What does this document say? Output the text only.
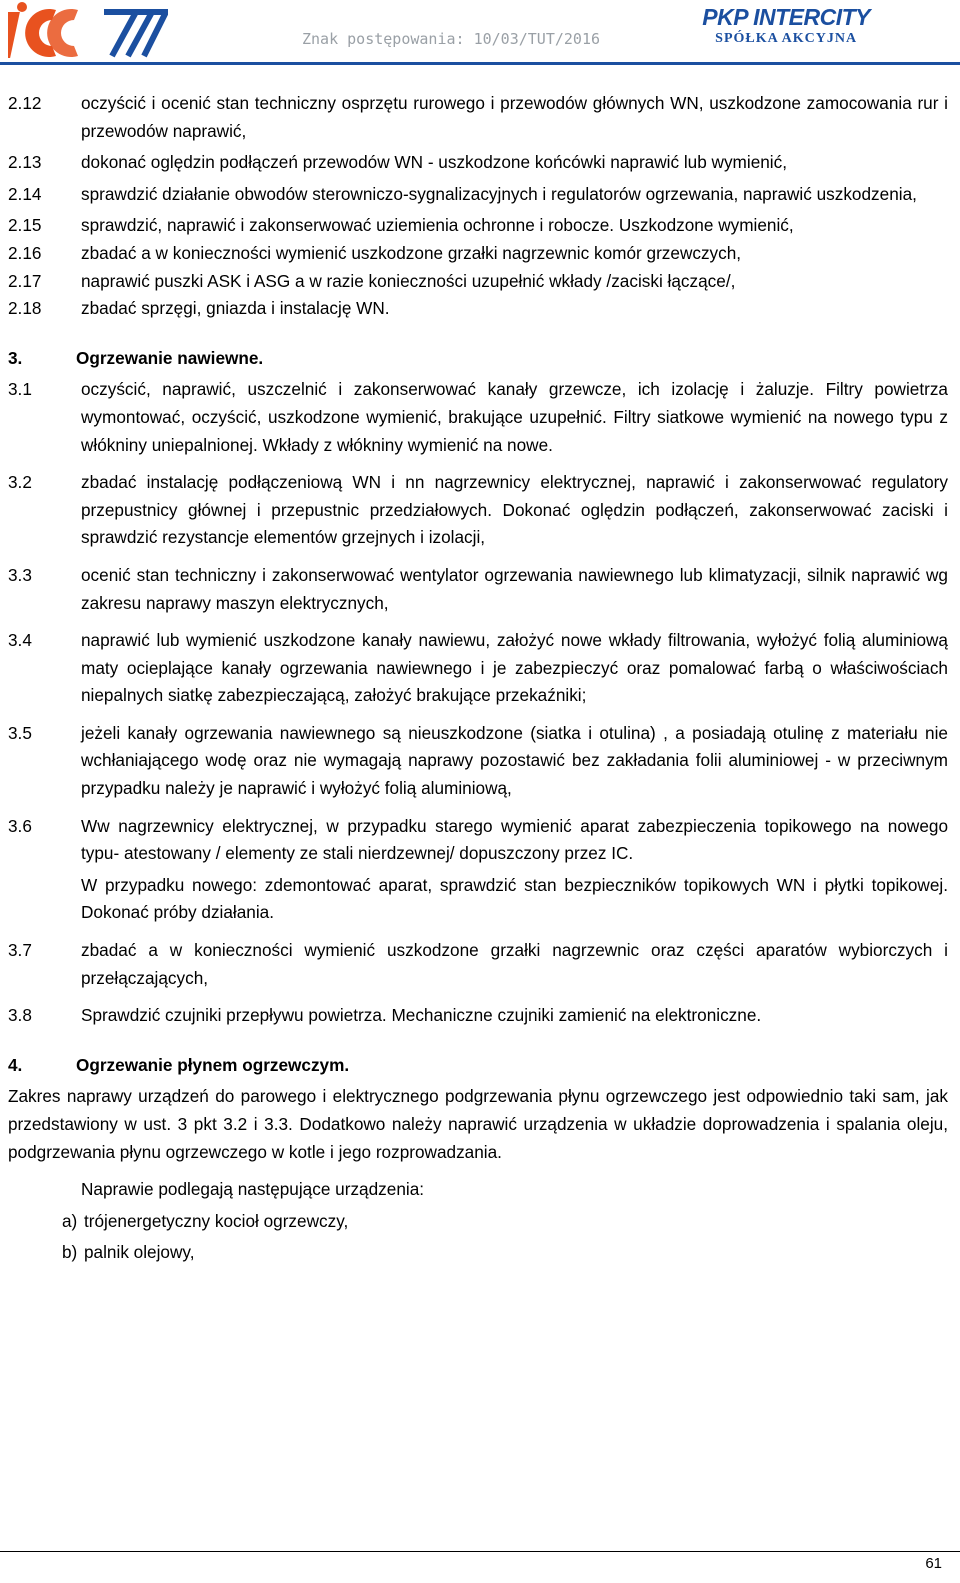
Znak postępowania: 10/03/TUT/2016
PKP INTERCITY
SPÓŁKA AKCYJNA
2.12	oczyścić i ocenić stan techniczny osprzętu rurowego i przewodów głównych WN, uszkodzone zamocowania rur i przewodów naprawić,
2.13	dokonać oględzin podłączeń przewodów WN - uszkodzone końcówki naprawić lub wymienić,
2.14	sprawdzić działanie obwodów sterowniczo-sygnalizacyjnych i regulatorów ogrzewania, naprawić uszkodzenia,
2.15	sprawdzić, naprawić i zakonserwować uziemienia ochronne i robocze. Uszkodzone wymienić,
2.16	zbadać a w konieczności wymienić uszkodzone grzałki nagrzewnic komór grzewczych,
2.17	naprawić puszki ASK i ASG a w razie konieczności uzupełnić wkłady /zaciski łączące/,
2.18	zbadać sprzęgi, gniazda i instalację WN.
3.	Ogrzewanie nawiewne.
3.1	oczyścić, naprawić, uszczelnić i zakonserwować kanały grzewcze, ich izolację i żaluzje. Filtry powietrza wymontować, oczyścić, uszkodzone wymienić, brakujące uzupełnić. Filtry siatkowe wymienić na nowego typu z włókniny uniepalnionej. Wkłady z włókniny wymienić na nowe.
3.2	zbadać instalację podłączeniową WN i nn nagrzewnicy elektrycznej, naprawić i zakonserwować regulatory przepustnicy głównej i przepustnic przedziałowych. Dokonać oględzin podłączeń, zakonserwować zaciski i sprawdzić rezystancje elementów grzejnych i izolacji,
3.3	ocenić stan techniczny i zakonserwować wentylator ogrzewania nawiewnego lub klimatyzacji, silnik naprawić wg zakresu naprawy maszyn elektrycznych,
3.4	naprawić lub wymienić uszkodzone kanały nawiewu, założyć nowe wkłady filtrowania, wyłożyć folią aluminiową maty ocieplające kanały ogrzewania nawiewnego i je zabezpieczyć oraz pomalować farbą o właściwościach niepalnych siatkę zabezpieczającą, założyć brakujące przekaźniki;
3.5	jeżeli kanały ogrzewania nawiewnego są nieuszkodzone (siatka i otulina) , a posiadają otulinę z materiału nie wchłaniającego wodę oraz nie wymagają naprawy pozostawić bez zakładania folii aluminiowej - w przeciwnym przypadku należy je naprawić i wyłożyć folią aluminiową,
3.6	Ww nagrzewnicy elektrycznej, w przypadku starego wymienić aparat zabezpieczenia topikowego na nowego typu- atestowany / elementy ze stali nierdzewnej/ dopuszczony przez IC.
W przypadku nowego: zdemontować aparat, sprawdzić stan bezpieczników topikowych WN i płytki topikowej. Dokonać próby działania.
3.7	zbadać a w konieczności wymienić uszkodzone grzałki nagrzewnic oraz części aparatów wybiorczych i przełączających,
3.8	Sprawdzić czujniki przepływu powietrza. Mechaniczne czujniki zamienić na elektroniczne.
4.	Ogrzewanie płynem ogrzewczym.
Zakres naprawy urządzeń do parowego i elektrycznego podgrzewania płynu ogrzewczego jest odpowiednio taki sam, jak przedstawiony w ust. 3 pkt 3.2 i 3.3. Dodatkowo należy naprawić urządzenia w układzie doprowadzenia i spalania oleju, podgrzewania płynu ogrzewczego w kotle i jego rozprowadzania.
Naprawie podlegają następujące urządzenia:
a) trójenergetyczny kocioł ogrzewczy,
b) palnik olejowy,
61
